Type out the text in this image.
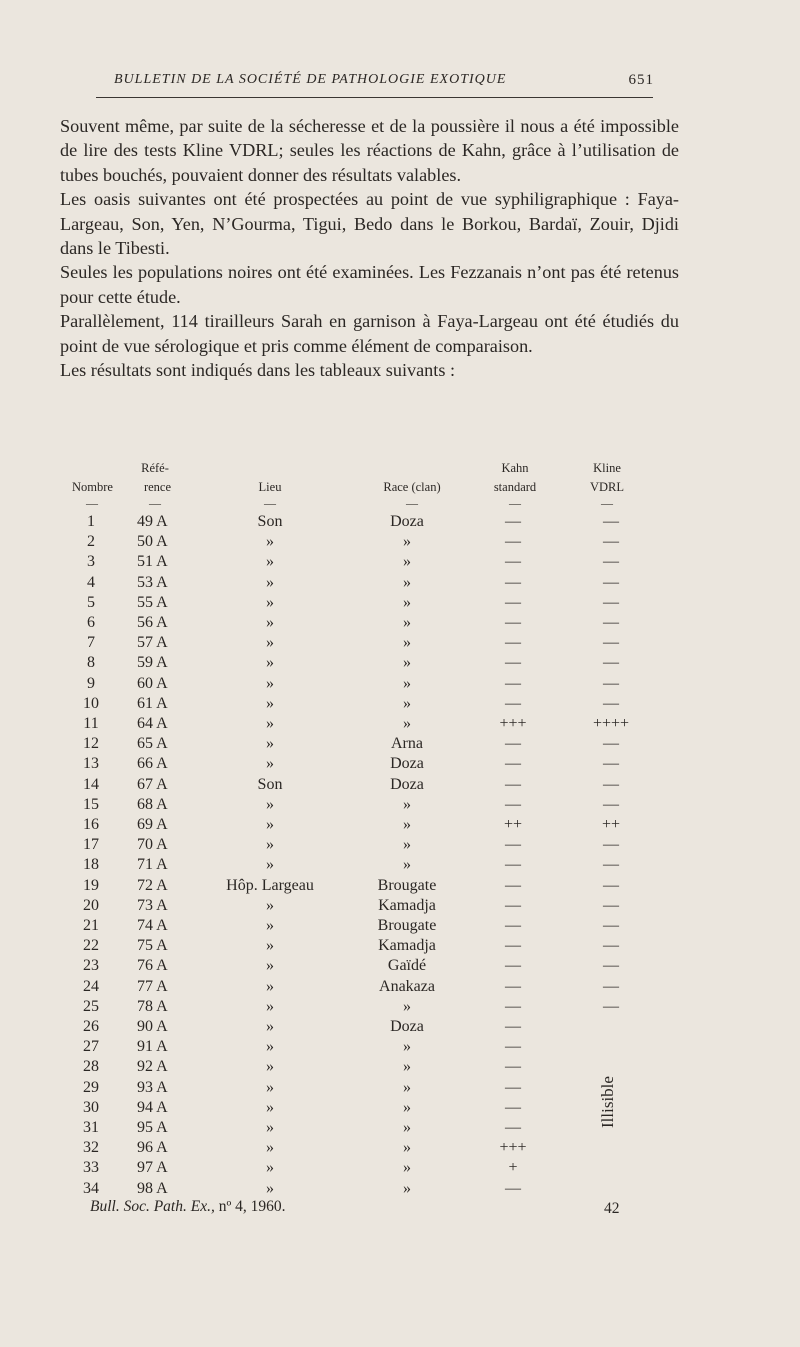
BULLETIN DE LA SOCIÉTÉ DE PATHOLOGIE EXOTIQUE	651

Souvent même, par suite de la sécheresse et de la poussière il nous a été impossible de lire des tests Kline VDRL; seules les réactions de Kahn, grâce à l’utilisation de tubes bouchés, pouvaient donner des résultats valables.

Les oasis suivantes ont été prospectées au point de vue syphiligraphique : Faya-Largeau, Son, Yen, N’Gourma, Tigui, Bedo dans le Borkou, Bardaï, Zouir, Djidi dans le Tibesti.

Seules les populations noires ont été examinées. Les Fezzanais n’ont pas été retenus pour cette étude.

Parallèlement, 114 tirailleurs Sarah en garnison à Faya-Largeau ont été étudiés du point de vue sérologique et pris comme élément de comparaison.

Les résultats sont indiqués dans les tableaux suivants :

Réfé-	Kahn	Kline
Nombre	rence	Lieu	Race (clan)	standard	VDRL
—	—	—	—	—	—
1	49 A	Son	Doza	—	—
2	50 A	»	»	—	—
3	51 A	»	»	—	—
4	53 A	»	»	—	—
5	55 A	»	»	—	—
6	56 A	»	»	—	—
7	57 A	»	»	—	—
8	59 A	»	»	—	—
9	60 A	»	»	—	—
10	61 A	»	»	—	—
11	64 A	»	»	+++	++++
12	65 A	»	Arna	—	—
13	66 A	»	Doza	—	—
14	67 A	Son	Doza	—	—
15	68 A	»	»	—	—
16	69 A	»	»	++	++
17	70 A	»	»	—	—
18	71 A	»	»	—	—
19	72 A	Hôp. Largeau	Brougate	—	—
20	73 A	»	Kamadja	—	—
21	74 A	»	Brougate	—	—
22	75 A	»	Kamadja	—	—
23	76 A	»	Gaïdé	—	—
24	77 A	»	Anakaza	—	—
25	78 A	»	»	—	—
26	90 A	»	Doza	—
27	91 A	»	»	—
28	92 A	»	»	—
29	93 A	»	»	—
30	94 A	»	»	—
31	95 A	»	»	—
32	96 A	»	»	+++
33	97 A	»	»	+
34	98 A	»	»	—
Illisible
Bull. Soc. Path. Ex., nº 4, 1960.	42
